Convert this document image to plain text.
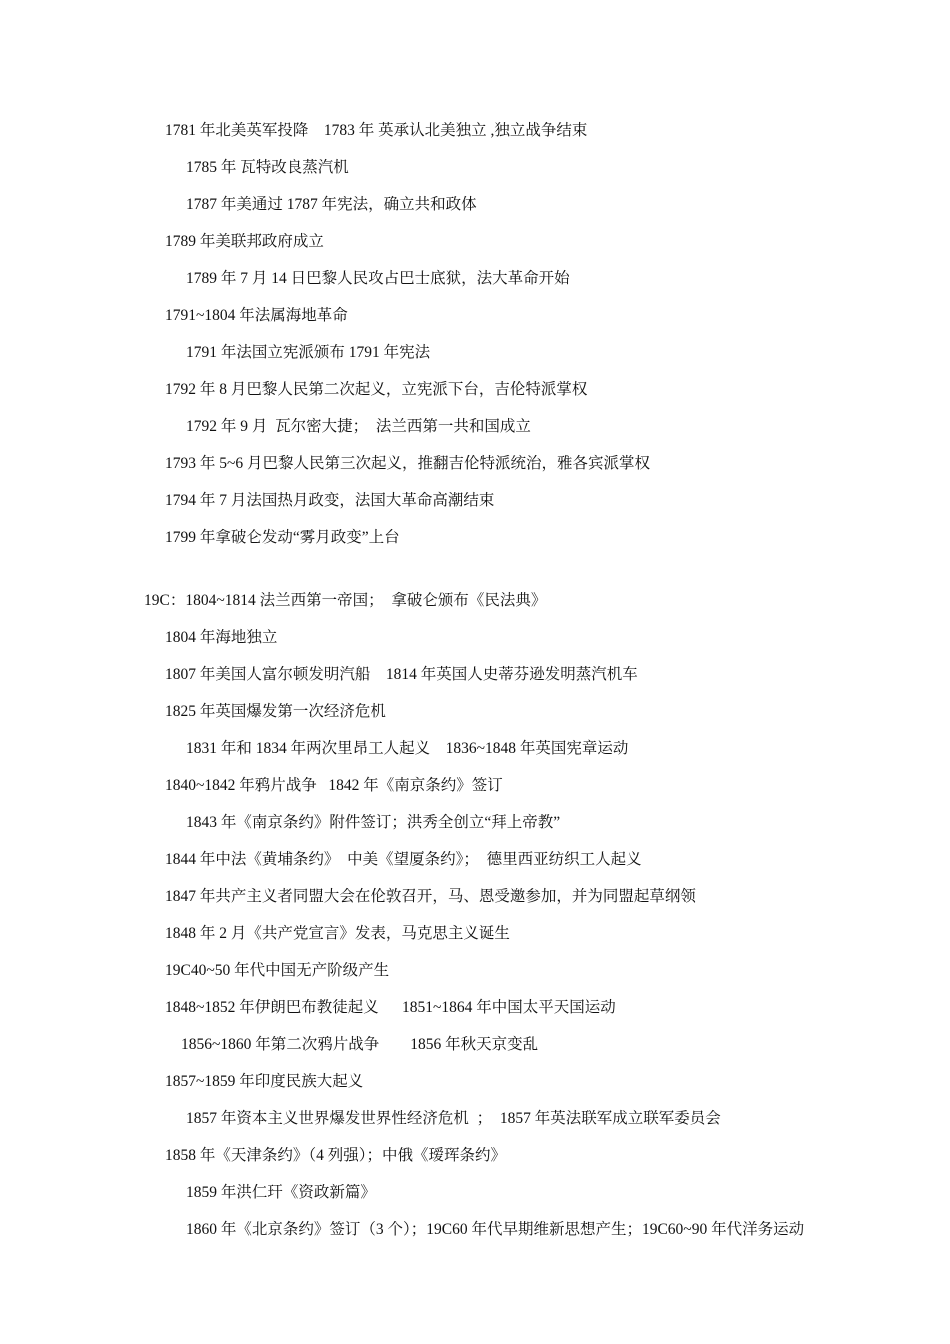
1781 年北美英军投降    1783 年 英承认北美独立 ,独立战争结束
1785 年 瓦特改良蒸汽机
1787 年美通过 1787 年宪法，确立共和政体
1789 年美联邦政府成立
1789 年 7 月 14 日巴黎人民攻占巴士底狱，法大革命开始
1791~1804 年法属海地革命
1791 年法国立宪派颁布 1791 年宪法
1792 年 8 月巴黎人民第二次起义，立宪派下台，吉伦特派掌权
1792 年 9 月  瓦尔密大捷；  法兰西第一共和国成立
1793 年 5~6 月巴黎人民第三次起义，推翻吉伦特派统治，雅各宾派掌权
1794 年 7 月法国热月政变，法国大革命高潮结束
1799 年拿破仑发动“雾月政变”上台
19C：1804~1814 法兰西第一帝国；  拿破仑颁布《民法典》
1804 年海地独立
1807 年美国人富尔顿发明汽船    1814 年英国人史蒂芬逊发明蒸汽机车
1825 年英国爆发第一次经济危机
1831 年和 1834 年两次里昂工人起义    1836~1848 年英国宪章运动
1840~1842 年鸦片战争   1842 年《南京条约》签订
1843 年《南京条约》附件签订；洪秀全创立“拜上帝教”
1844 年中法《黄埔条约》  中美《望厦条约》；  德里西亚纺织工人起义
1847 年共产主义者同盟大会在伦敦召开，马、恩受邀参加，并为同盟起草纲领
1848 年 2 月《共产党宣言》发表，马克思主义诞生
19C40~50 年代中国无产阶级产生
1848~1852 年伊朗巴布教徒起义      1851~1864 年中国太平天国运动
1856~1860 年第二次鸦片战争        1856 年秋天京变乱
1857~1859 年印度民族大起义
1857 年资本主义世界爆发世界性经济危机  ；  1857 年英法联军成立联军委员会
1858 年《天津条约》（4 列强）；中俄《瑷珲条约》
1859 年洪仁玕《资政新篇》
1860 年《北京条约》签订（3 个）；19C60 年代早期维新思想产生；19C60~90 年代洋务运动
